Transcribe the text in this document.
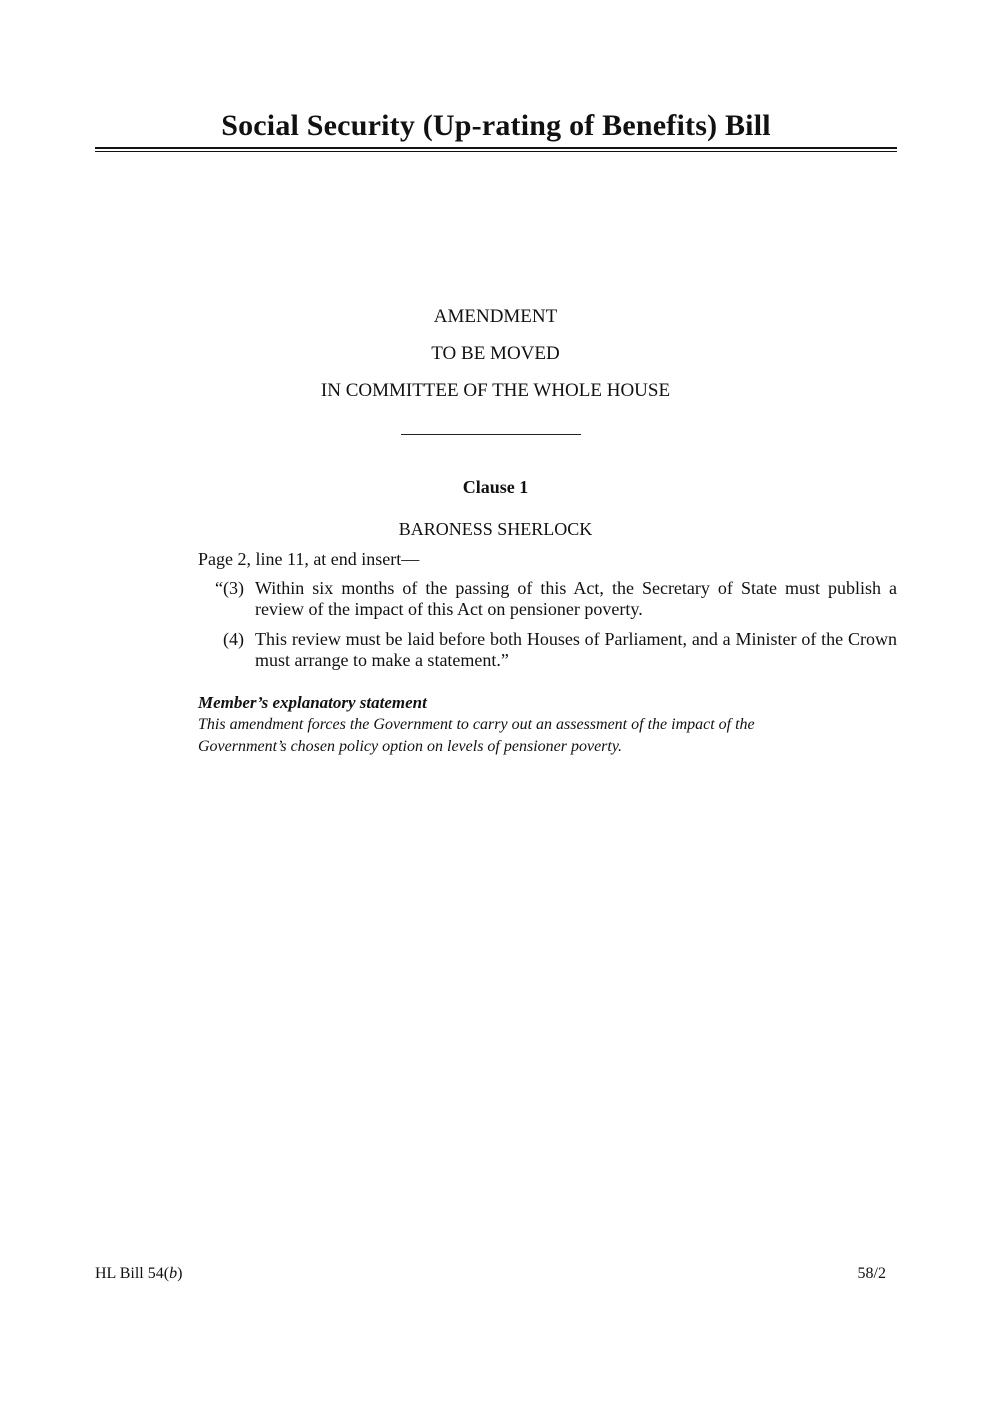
Social Security (Up-rating of Benefits) Bill
AMENDMENT
TO BE MOVED
IN COMMITTEE OF THE WHOLE HOUSE
Clause 1
BARONESS SHERLOCK
Page 2, line 11, at end insert—
“(3) Within six months of the passing of this Act, the Secretary of State must publish a review of the impact of this Act on pensioner poverty.
(4) This review must be laid before both Houses of Parliament, and a Minister of the Crown must arrange to make a statement.”
Member’s explanatory statement
This amendment forces the Government to carry out an assessment of the impact of the
Government’s chosen policy option on levels of pensioner poverty.
HL Bill 54(b)	58/2
